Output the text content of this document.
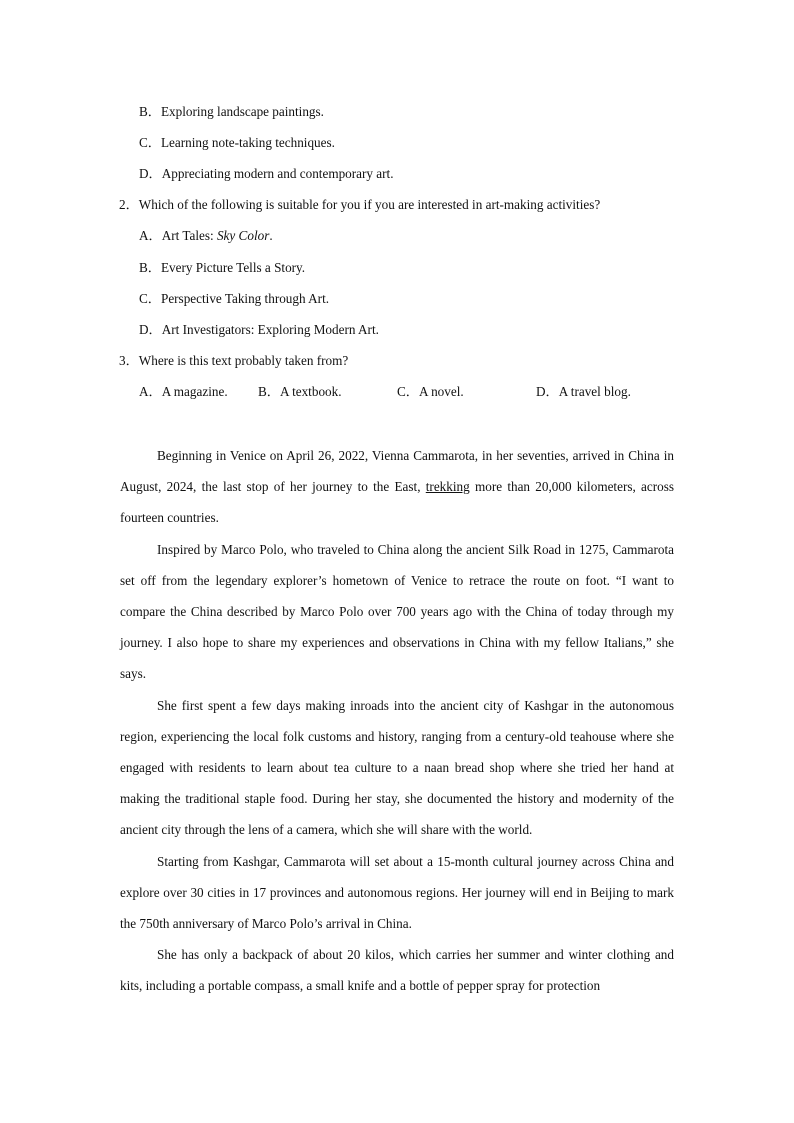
B．Exploring landscape paintings.
C．Learning note-taking techniques.
D．Appreciating modern and contemporary art.
2．Which of the following is suitable for you if you are interested in art-making activities?
A．Art Tales: Sky Color.
B．Every Picture Tells a Story.
C．Perspective Taking through Art.
D．Art Investigators: Exploring Modern Art.
3．Where is this text probably taken from?
A．A magazine. B．A textbook.	C．A novel.	D．A travel blog.

Beginning in Venice on April 26, 2022, Vienna Cammarota, in her seventies, arrived in China in August, 2024, the last stop of her journey to the East, trekking more than 20,000 kilometers, across fourteen countries.

Inspired by Marco Polo, who traveled to China along the ancient Silk Road in 1275, Cammarota set off from the legendary explorer’s hometown of Venice to retrace the route on foot. “I want to compare the China described by Marco Polo over 700 years ago with the China of today through my journey. I also hope to share my experiences and observations in China with my fellow Italians,” she says.

She first spent a few days making inroads into the ancient city of Kashgar in the autonomous region, experiencing the local folk customs and history, ranging from a century-old teahouse where she engaged with residents to learn about tea culture to a naan bread shop where she tried her hand at making the traditional staple food. During her stay, she documented the history and modernity of the ancient city through the lens of a camera, which she will share with the world.

Starting from Kashgar, Cammarota will set about a 15-month cultural journey across China and explore over 30 cities in 17 provinces and autonomous regions. Her journey will end in Beijing to mark the 750th anniversary of Marco Polo’s arrival in China.

She has only a backpack of about 20 kilos, which carries her summer and winter clothing and kits, including a portable compass, a small knife and a bottle of pepper spray for protection
